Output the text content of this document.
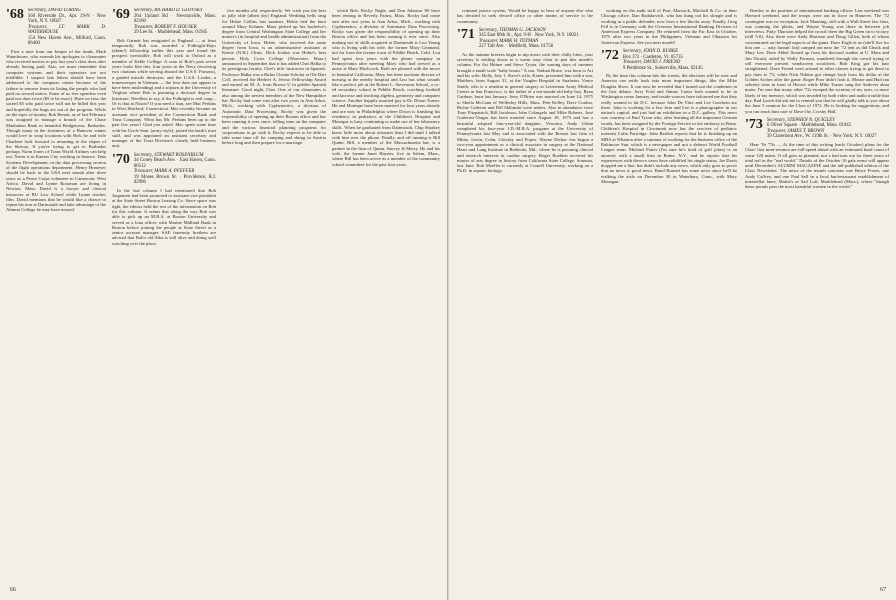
'68 Secretary, DAVID LORING
560 Riverside Dr., Apt. 19-N · New York, N.Y. 10027
Treasurer, LT. MARK D. WATERHOUSE
154 New Haven Ave., Milford, Conn. 06460

First a note from our keeper of the funds, Mark Waterhouse, who extends his apologies to classmates who received notices to pay last year's class dues after already having paid. Alas, we must remember that computer systems and their operators are not infallible. I suspect late letters should have been addressed to the computer center because of the failure to remove from its listing the people who had paid on second notice. Some of us free spenders even paid our dues twice ($5 to be exact). Have no fear, the sacred $5 who paid twice will not be billed this year and hopefully the bugs are out of the program. While on the topic of money, Bob Benoit, as of last February was assigned to manage a branch of the Chase Manhattan Bank in beautiful Bridgetown, Barbados. Though many in the frostiness of a Hanover winter would love to swap locations with Bob, he and wife Charlene look forward to returning to the slopes of the Skiway. If you're trying to get to Barbados perhaps Norm Jones of Trans World Airlines can help out. Norm is in Kansas City working in finance. Data Systems Development, in the data processing section of the flight operations department. Henry Homeyer should be back in the USA next month after three years as a Peace Corps volunteer in Cameroon, West Africa. David and Lynne Rossman are living in Newton, Mass. David is a lawyer and clinical instructor at BU Law School while Lynne teaches film. David mentions that he would like a chance to repeat his tour at Dartmouth and take advantage of the Alumni College he may have missed.

'69 Secretary, RICHARD D. GLOVSKY
264 Upland Rd · Newtonville, Mass. 02160
Treasurer, ROBERT F. HOUSER
29 Lee St. · Marblehead, Mass. 01945

Bob Garnett has emigrated to England — at least temporarily. Bob was awarded a Fulbright-Hays (ahem!) fellowship earlier this year and found the prospect irresistible. Bob will work at Oxford as a member of Keble College. A scan of Bob's past seven years looks like this: four years in the Navy (receiving two citations while serving aboard the U.S.S. Parsons), a guided missile destroyer, and the U.S.S. Leader, a minesweeper in Vietnam — the four does not appear to have been misleading) and a sojourn at the University of Virginia where Bob is pursuing a doctoral degree in literature. Needless to say, if the Fulbright is real coup... Or is that in Nixon? If you need a loan, see Mac Perkins in West Hartford, Connecticut. Mac recently became an assistant vice president of the Connecticut Bank and Trust Company. What has Mr. Perkins been up to the past few years? Glad you asked. Mac spent some time with his Uncle Sam, (army-style), joined the bank's trust staff, and was appointed an assistant secretary and manager of the Trust Division's closely held business unit.

'70 Secretary, STEWART ROSENBLUM
34 Coney Beach Ave. · East Haven, Conn. 06512
Treasurer, MARK A. PFEFFER
19 Moses Brown St. · Providence, R.I. 02906

In the last column I had mentioned that Bob Jorgensen had been promoted to assistant vice president at the State Street Boston Leasing Co. Since space was tight, the editors held the rest of the information on Bob for this column. It seems that along the way Bob was able to pick up an M.B.A. at Boston University and served as a loan officer with Marine Midland Bank in Boston before joining the people at State Street as a senior account manager. SAE fraternity brothers are advised that Bob's old Atha is still alive and doing well watching over the place.

five months old, respectively. We wish you the best in jolly olde (albeit dry) England. Wedding bells rang for Hobie Collins last summer. Hobie tied the knot around Mary Kohnen. Mary picked up her bachelor's degree from Central Washington State College and her master's (in hospital and health administration) from the University of Iowa. Hobie, who received the same degree from Iowa, is an administrative assistant at Keene (N.H.) Clinic. Dick Jordan was Hobie's best person. Holy Cross College (Worcester, Mass.) announced in September that it has added Chet Halka to its prestigious faculty. Chet's title: instructor in Spanish. Professor Halka was a Rufus Choate Scholar at Ole Dart Coll, received the Herbert A. Jeroso Fellowship Award and earned an M. A. from Brown U in golden Spanish literature. Good night, Chet. One of our classmates is also among the newest members of the New Hampshire bar. Rocky had come east after two years in Ann Arbor, Mich., working with Cyphernetics, a division of Automatic Data Processing. Rocky was given the responsibility of opening up their Boston office and has been running it ever since, telling time on the computer and the various financial planning programs for corporations to go with it. Rocky expects to be able to take some time off for camping and skiing in Austria before long and then prepare for a marriage.

which Bob, Rocky Nagle, and Don Johnson '69 have been renting in Beverly Farms, Mass. Rocky had come east after two years in Ann Arbor, Mich., working with Cyphernetics, a division of Automatic Data Processing. Rocky was given the responsibility of opening up their Boston office and has been running it ever since. Also making use of skills acquired at Dartmouth is Lou Young who is living with his wife, the former Mary Grinnand, not far from the former town of Pebble Beach, Calif. Lou had spent four years with the phone company in Pennsylvania after meeting Mary who had served as a nurse at Mary Hitchcock. Both are pleased with the move to beautiful California. Mary has been assistant director of nursing at the nearby hospital and Lou has what sounds like a perfect job at the Robert L. Stevenson School, a co-ed secondary school in Pebble Beach, coaching football and lacrosse and teaching algebra, geometry and computer science. Another happily married guy is Dr. Dixon Turner. He and Monique have been married for four years already and are now in Philadelphia where Dixon is finishing his residency in pediatrics at the Children's Hospital and Monique is busy continuing to make use of her laboratory skills. When he graduated from Dartmouth, Chip Sharkey knew little more about actuaries than I did until I talked with him over the phone. Finally, and off running is Bill Quinn. Bill, a member of the Massachusetts bar, is a partner in the firm of Quinn, Sauvey & Merry. He and his wife, the former Janet Haynes, live in Salem, Mass., where Bill has been active as a member of the community school committee for the past four years.

66

criminal justice system. Would be happy to hear of anyone else who has decided to seek elected office or other means of service to the community.

'71 Secretary, THOMAS G. JACKSON
345 East 80th St., Apt. 9-H · New York, N.Y. 10021
Treasurer, MARK H. TOTMAN
227 Taft Ave. · Medfield, Mass. 01756

As the autumn breezes begin to nip noses with their chilly bites, your secretary is settling down to a warm easy chair to pen this month's column. For Art Hittner and Steve Tyson, the waning days of summer brought a small scale "baby boom." A son, Nathan Bruce, was born to Art and his wife, Holly, July 1. Steve's wife, Karen, presented him with a son, Matthew, born August 31, at the Vaughn Hospital in Anaheim. Vance Smith, who is a resident in general surgery at Letterman Army Medical Center in San Francisco, is the father of a ten-month-old baby boy, Ryan Gardner, born last January. Jerry O'Brien was married on June 14, 1975 to Sheila McCann of Wellesley Hills, Mass. Pete Kelley, Dave Conlon, Richie Carleton and Bill Skibinski were ushers. Also in attendance were Tony Fitzpatrick, Bill Jacobson, John Colangelo and Mike Roberts. José Gutierrez-Vargas has been married since August 18, 1973 and has a beautiful adopted four-year-old daughter, Veronica. Andy Urban completed his four-year J.D.-M.B.A. program at the University of Pennsylvania last May and is associated with the Boston law firm of Mintz, Levin, Cohn, Glovsky and Popeo. Wayne Derkac has begun a two-year appointment as a clinical associate in surgery at the National Heart and Lung Institute in Bethesda, Md., where he is pursuing clinical and research interests in cardiac surgery. Roger Roehlen received his master of arts degree in history from California State College, Sonoma, last June. Bob Moeller is currently at Cornell University, working on a Ph.D. in aquatic biology.

working on the audit staff of Peat, Marwick, Mitchell & Co. in their Chicago office. Dan Radakovich, who has hung out his shingle and is working as a public defender, now lives a few blocks away. Finally, Greg Fell is in Germany with the Overseas International Banking Division of American Express Company. He returned from the Far East in October, 1975 after two years in the Philippines, Vietnam and Okinawa for American Express. See you next month!

'72 Secretary, JOHN D. BURKE
Box 372 · Castleton, Vt. 05735
Treasurer, DAVID J. FRIEND
9 Pembroke St., Somerville, Mass. 02145

By the time this column hits the streets, the elections will be over and America can settle back into more important things, like the Mike Douglas Show. It can now be revealed that I turned out the condenser in the first debate. Jerry Ford and Jimmy Carter both wanted to be in Washington come January, and inside sources have informed me that they really wanted to hit D.C. because John De Vitre and Lee Goodwin are there. John is working for a law firm and Lee is a photographer in our nation's capital, and just had an exhibition in a D.C. gallery. This news was courtesy of Paul Tyson who, after learning all the important German words, has been assigned by the Foreign Service to the embassy in Bonn. Children's Hospital in Cincinnati now has the services of pediatric internist Colin Partridge. John Bartlett reports that he is finishing up an MBA at Wharton after a summer of working for the business office of the Baltimore Sun, which is a newspaper and not a defunct World Football League team. Michael Potter (I'm sure he's tired of golf jokes) is an attorney with a small firm in Rome, N.Y., and he reports that his experiences with divorce cases have solidified his single status. Joe Davis dropped me a line, but didn't include any news, which only goes to prove that no news is good news. Rand Burnett has some news since he'll be walking the aisle on December 30 in Waterbury, Conn., with Mary Monagan.

Bentley to the position of international banking officer. Last weekend was Harvard weekend, and the troops were out in force in Hanover. The '72 contingent was no exception. Jack Manning, still with a Wall Street law firm, was roaming the plains, and Wayne Young was there in between job interviews. Patty Thurston helped the crowd cheer the Big Green on to victory (still 5-0). Also there were Andy Harrison and Doug Gillen, both of whom concentrated on the legal aspects of the game. Dave Eagle et ux (she'll live for that one — only funnin' Jan) camped out near the '72 tent as did Chuck and Mary Lee. Dave Abbel floated up from his doctoral studies at U. Mass and Jim Nicotti, aided by Wally Forman, wandered through the crowd trying to sell everyone present windscreen scratchers. Bob King got his hair straightened. Dave Friend went around to other classes trying to get them to pay dues to '72, while Nick Nikitas got change back from his dollar at the Golden Arches after the game. Roger Poor didn't look it. Mouse and Hud ran sobriety tests in front of Heorot while Mike Turner sang the Andover alma mater. I'm sure that many other '72s escaped the scrutiny of my eyes, or more likely of my memory, which was invaded by both video and audio trouble that day. Bud Lynch did ask me to remind you that he will gladly talk to you about the June 5 reunion for the Class of 1972. He is looking for suggestions, and you can reach him care of Dave Orr, Crosby Hall.

'73 Secretary, STEPHEN N. QUIGLEY
6 Oliver Square · Marblehead, Mass. 01945
Treasurer, JAMES T. BROWN
39 Claremont Ave., W. 119th St. · New York, N.Y. 10027

Hear 'Ye '73s — At the time of this writing (early October) plans for the Class' first mini-reunion are full-speed ahead with an estimated head count of some 120 mates. If all goes as planned, not a bad turn out for three years of total toil in the "real world." Details of the October 16 gala event will appear until December's ALUMNI MAGAZINE and the fall-published edition of the Class Newsletter. The news of the month concerns one Bruce Foster, one Andy Caffrey, and one Paul Sell in a local bar/restaurant establishment of interstellar fame, Mattie's or Sail Loft, Marblehead (Mass.), where "though these portals pass the most beautiful women in the world."

67
